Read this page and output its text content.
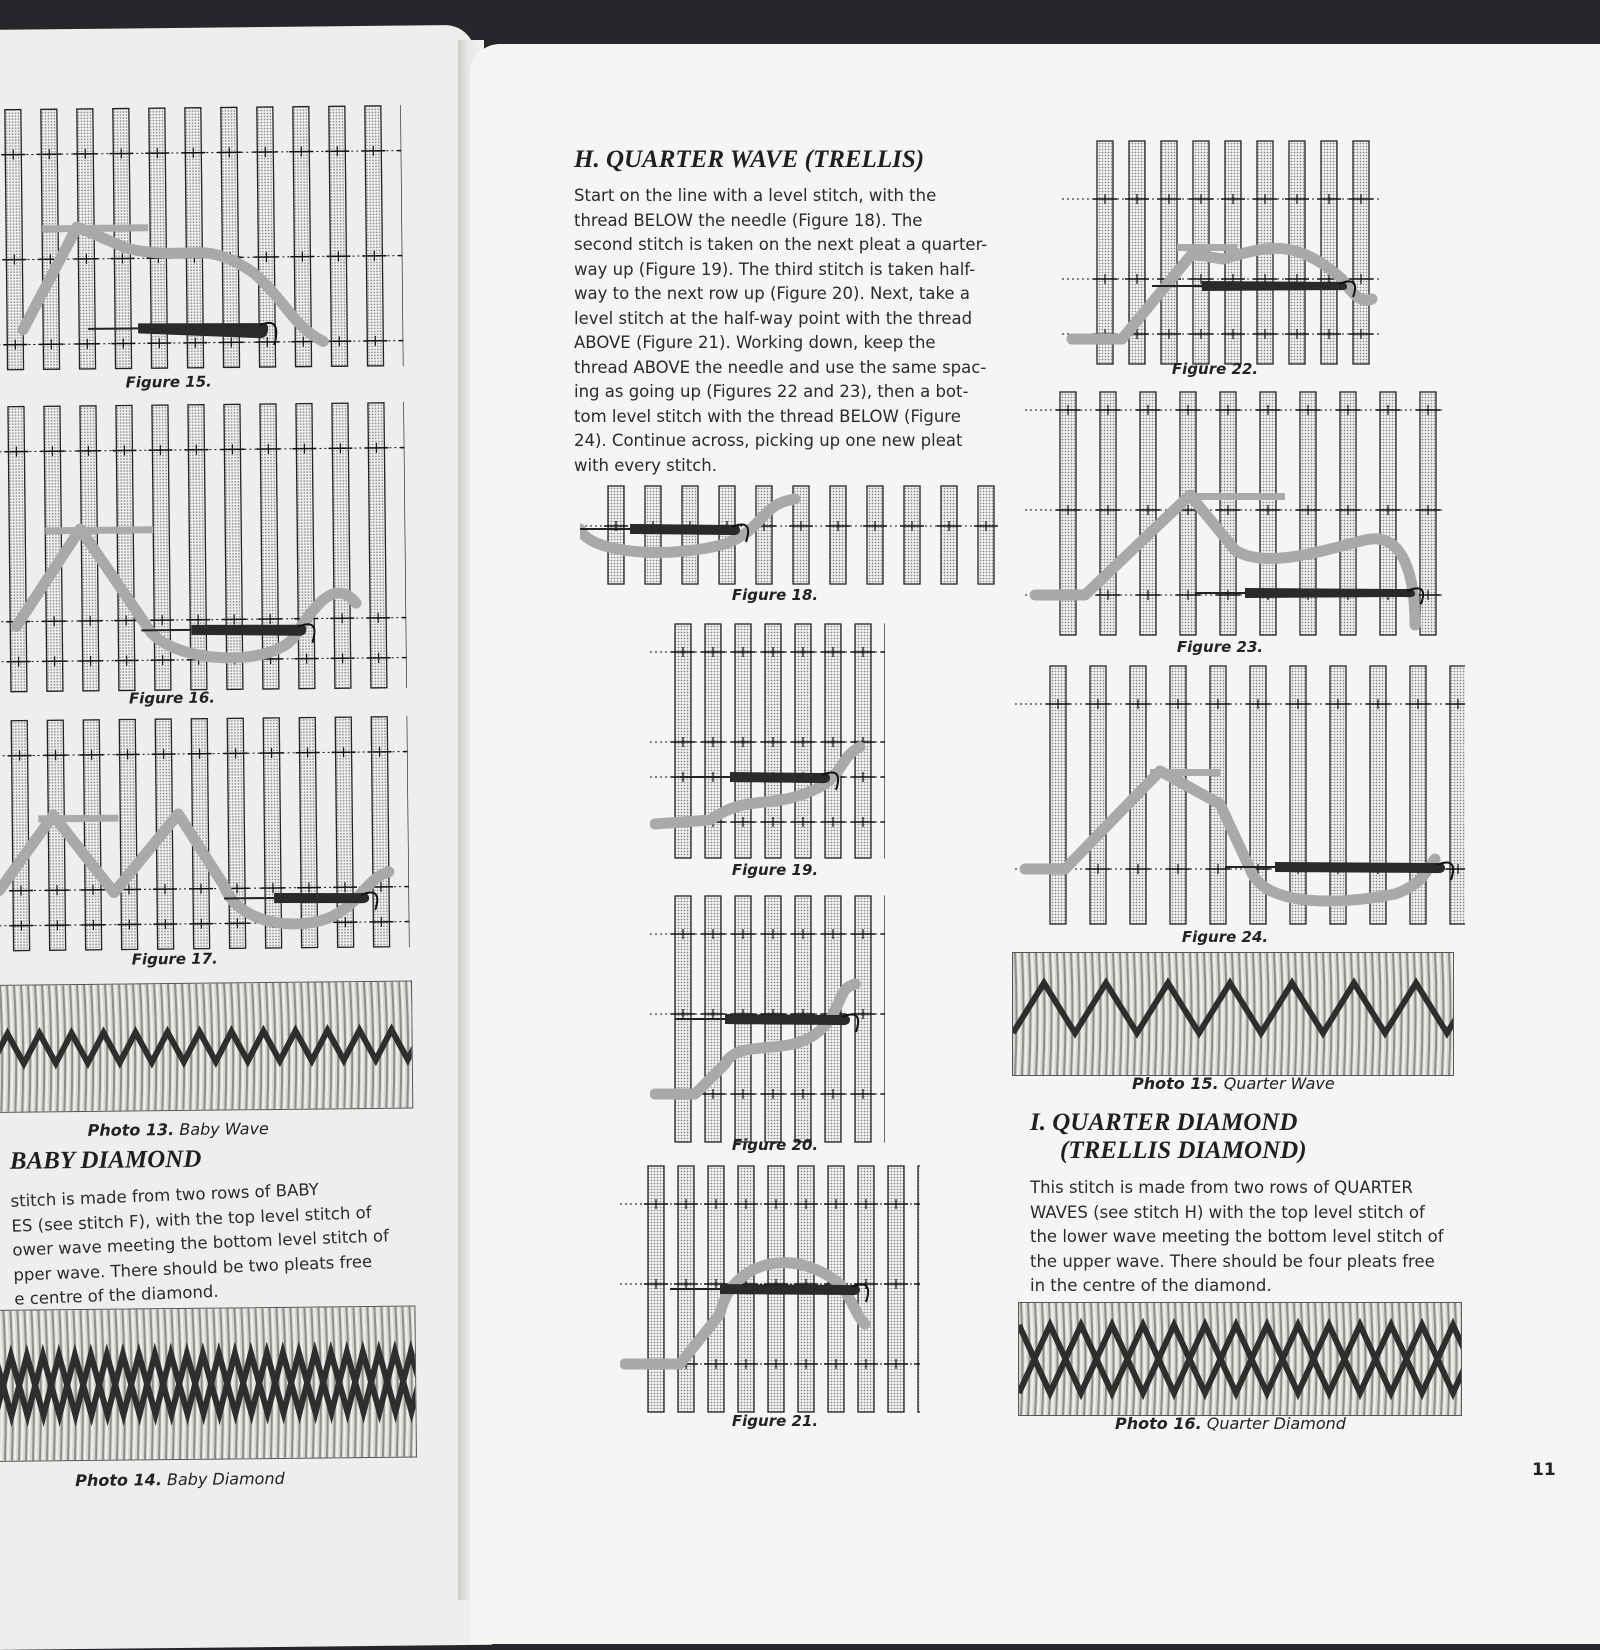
Figure 15.
Figure 16.
Figure 17.
Photo 13. Baby Wave
BABY DIAMOND
stitch is made from two rows of BABY
ES (see stitch F), with the top level stitch of
ower wave meeting the bottom level stitch of
pper wave. There should be two pleats free
e centre of the diamond.
Photo 14. Baby Diamond
H. QUARTER WAVE (TRELLIS)
Start on the line with a level stitch, with the
thread BELOW the needle (Figure 18). The
second stitch is taken on the next pleat a quarter-
way up (Figure 19). The third stitch is taken half-
way to the next row up (Figure 20). Next, take a
level stitch at the half-way point with the thread
ABOVE (Figure 21). Working down, keep the
thread ABOVE the needle and use the same spac-
ing as going up (Figures 22 and 23), then a bot-
tom level stitch with the thread BELOW (Figure
24). Continue across, picking up one new pleat
with every stitch.
Figure 18.
Figure 19.
Figure 20.
Figure 21.
Figure 22.
Figure 23.
Figure 24.
Photo 15. Quarter Wave
I. QUARTER DIAMOND
(TRELLIS DIAMOND)
This stitch is made from two rows of QUARTER
WAVES (see stitch H) with the top level stitch of
the lower wave meeting the bottom level stitch of
the upper wave. There should be four pleats free
in the centre of the diamond.
Photo 16. Quarter Diamond
11
